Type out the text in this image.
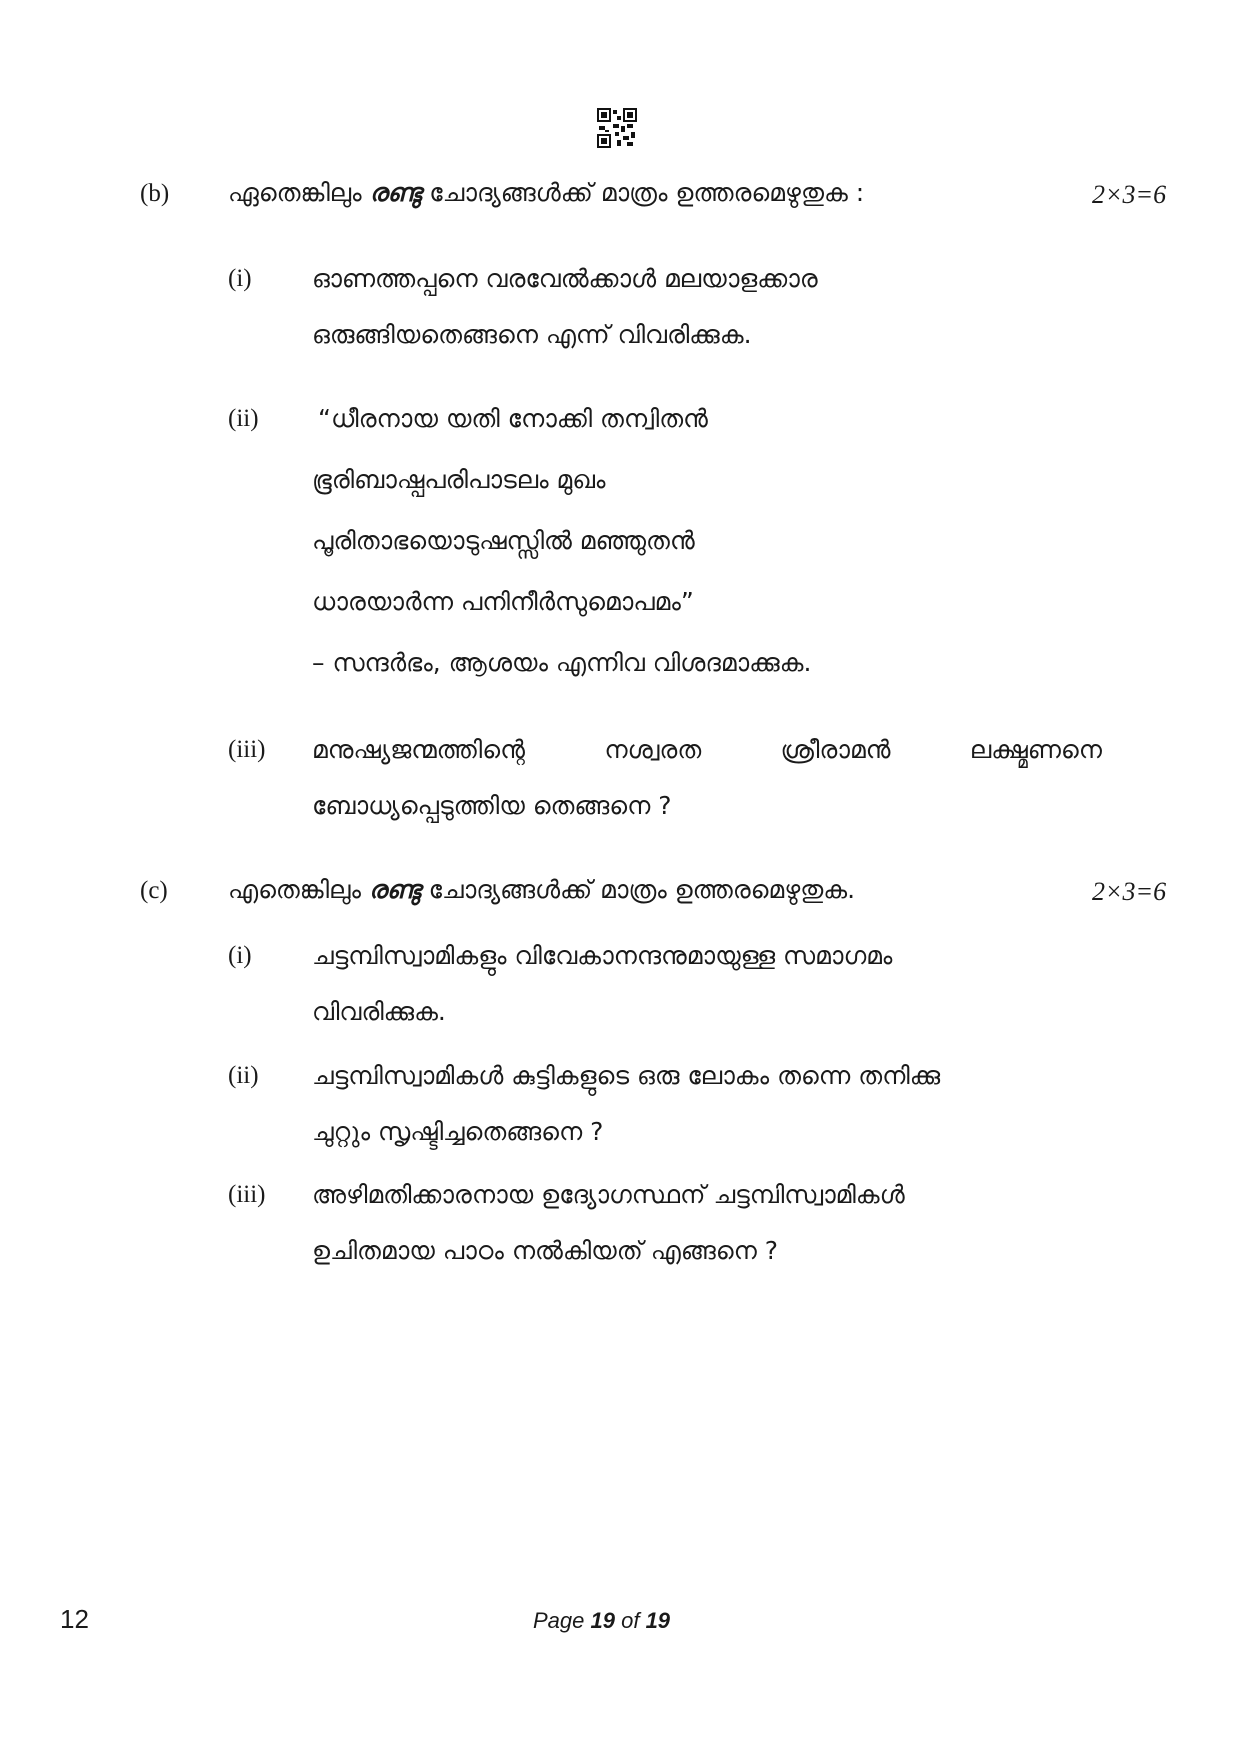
(b) ഏതെങ്കിലും രണ്ടു ചോദ്യങ്ങൾക്ക് മാത്രം ഉത്തരമെഴുതുക :	2×3=6
(i) ഓണത്തപ്പനെ വരവേൽക്കാൾ മലയാളക്കാര
ഒരുങ്ങിയതെങ്ങനെ എന്ന് വിവരിക്കുക.
(ii) “ധീരനായ യതി നോക്കി തന്വിതൻ
ഭൂരിബാഷ്പപരിപാടലം മുഖം
പൂരിതാഭയൊടുഷസ്സിൽ മഞ്ഞുതൻ
ധാരയാർന്ന പനിനീർസുമൊപമം”
– സന്ദർഭം, ആശയം എന്നിവ വിശദമാക്കുക.
(iii) മനുഷ്യജന്മത്തിന്റെ	നശ്വരത	ശ്രീരാമൻ	ലക്ഷ്മണനെ
ബോധ്യപ്പെടുത്തിയ തെങ്ങനെ ?
(c) എതെങ്കിലും രണ്ടു ചോദ്യങ്ങൾക്ക് മാത്രം ഉത്തരമെഴുതുക.	2×3=6
(i) ചട്ടമ്പിസ്വാമികളും വിവേകാനന്ദനുമായുള്ള സമാഗമം
വിവരിക്കുക.
(ii) ചട്ടമ്പിസ്വാമികൾ കുട്ടികളുടെ ഒരു ലോകം തന്നെ തനിക്കു
ചുറ്റും സൃഷ്ടിച്ചതെങ്ങനെ ?
(iii) അഴിമതിക്കാരനായ ഉദ്യോഗസ്ഥന് ചട്ടമ്പിസ്വാമികൾ
ഉചിതമായ പാഠം നൽകിയത് എങ്ങനെ ?
12	Page 19 of 19
